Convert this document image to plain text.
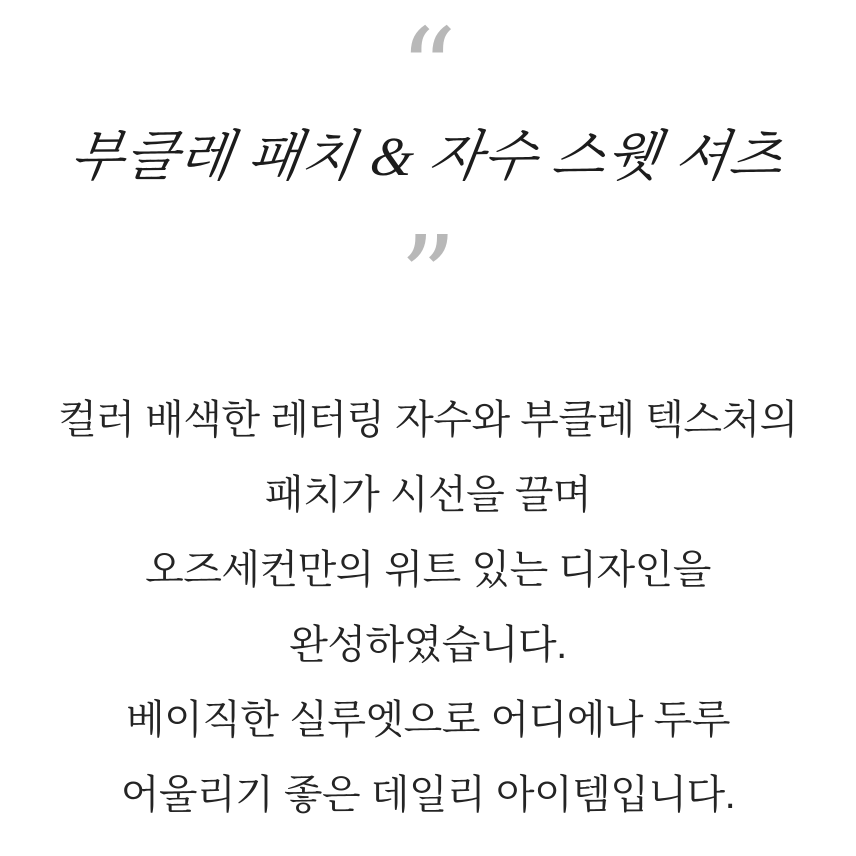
“
부클레 패치 & 자수 스웻 셔츠
”
컬러 배색한 레터링 자수와 부클레 텍스처의
패치가 시선을 끌며
오즈세컨만의 위트 있는 디자인을
완성하였습니다.
베이직한 실루엣으로 어디에나 두루
어울리기 좋은 데일리 아이템입니다.
